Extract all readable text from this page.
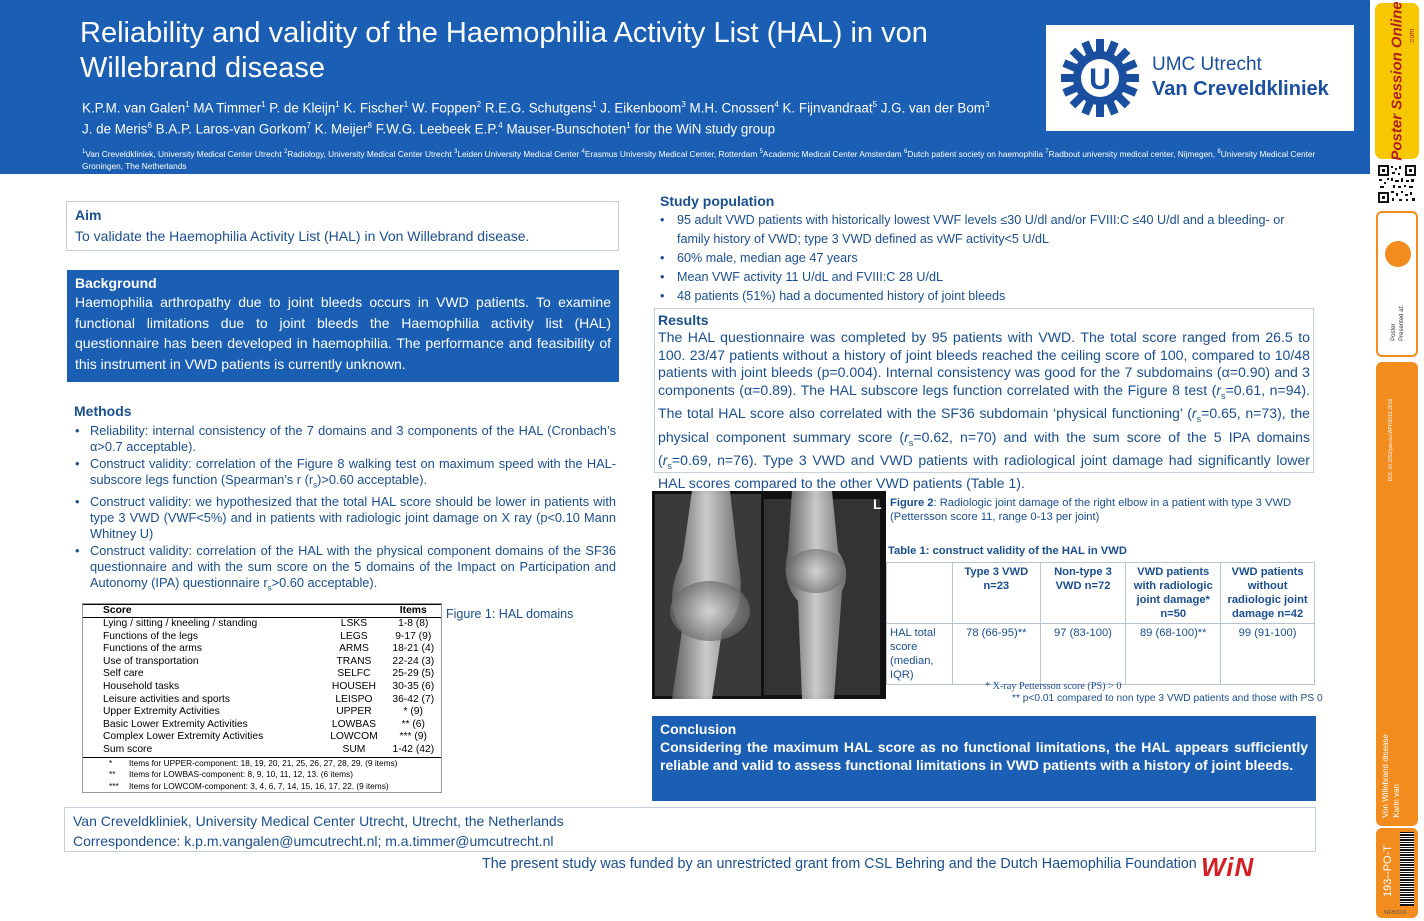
Reliability and validity of the Haemophilia Activity List (HAL) in von
Willebrand disease
K.P.M. van Galen$^1$ MA Timmer$^1$ P. de Kleijn$^1$ K. Fischer$^1$ W. Foppen$^2$ R.E.G. Schutgens$^1$ J. Eikenboom$^3$ M.H. Cnossen$^4$ K. Fijnvandraat$^5$ J.G. van der Bom$^3$
J. de Meris$^6$ B.A.P. Laros-van Gorkom$^7$ K. Meijer$^8$ F.W.G. Leebeek E.P.$^4$ Mauser-Bunschoten$^1$ for the WiN study group
$^1$Van Creveldkliniek, University Medical Center Utrecht $^2$Radiology, University Medical Center Utrecht $^3$Leiden University Medical Center $^4$Erasmus University Medical Center, Rotterdam $^5$Academic Medical Center Amsterdam $^6$Dutch patient society on haemophilia $^7$Radbout university medical center, Nijmegen, $^8$University Medical Center Groningen, The Netherlands
U UMC Utrecht
Van Creveldkliniek
.com
Poster Session Online
Poster Presented at:
DOI: 10.3252/pso.eu.WFH2016.2016
Von Willebrand disease Karin van
193--PO-T
WFH2016
Aim
To validate the Haemophilia Activity List (HAL) in Von Willebrand disease.
Background
Haemophilia arthropathy due to joint bleeds occurs in VWD patients. To examine functional limitations due to joint bleeds the Haemophilia activity list (HAL) questionnaire has been developed in haemophilia. The performance and feasibility of this instrument in VWD patients is currently unknown.
Methods
• Reliability: internal consistency of the 7 domains and 3 components of the HAL (Cronbach’s α>0.7 acceptable).
• Construct validity: correlation of the Figure 8 walking test on maximum speed with the HAL-subscore legs function (Spearman’s r $(r_s)>0.60$ acceptable).
• Construct validity: we hypothesized that the total HAL score should be lower in patients with type 3 VWD (VWF<5%) and in patients with radiologic joint damage on X ray (p<0.10 Mann Whitney U)
• Construct validity: correlation of the HAL with the physical component domains of the SF36 questionnaire and with the sum score on the 5 domains of the Impact on Participation and Autonomy (IPA) questionnaire $r_s>0.60$ acceptable).
Score		Items
Lying / sitting / kneeling / standing	LSKS	1-8 (8)
Functions of the legs	LEGS	9-17 (9)
Functions of the arms	ARMS	18-21 (4)
Use of transportation	TRANS	22-24 (3)
Self care	SELFC	25-29 (5)
Household tasks	HOUSEH	30-35 (6)
Leisure activities and sports	LEISPO	36-42 (7)
Upper Extremity Activities	UPPER	* (9)
Basic Lower Extremity Activities	LOWBAS	** (6)
Complex Lower Extremity Activities	LOWCOM	*** (9)
Sum score	SUM	1-42 (42)
* Items for UPPER-component: 18, 19, 20, 21, 25, 26, 27, 28, 29. (9 items)
** Items for LOWBAS-component: 8, 9, 10, 11, 12, 13. (6 items)
*** Items for LOWCOM-component: 3, 4, 6, 7, 14, 15, 16, 17, 22. (9 items)
Figure 1: HAL domains
Study population
• 95 adult VWD patients with historically lowest VWF levels ≤30 U/dl and/or FVIII:C ≤40 U/dl and a bleeding- or family history of VWD; type 3 VWD defined as vWF activity<5 U/dL
• 60% male, median age 47 years
• Mean VWF activity 11 U/dL and FVIII:C 28 U/dL
• 48 patients (51%) had a documented history of joint bleeds
Results
The HAL questionnaire was completed by 95 patients with VWD. The total score ranged from 26.5 to 100. 23/47 patients without a history of joint bleeds reached the ceiling score of 100, compared to 10/48 patients with joint bleeds (p=0.004). Internal consistency was good for the 7 subdomains (α=0.90) and 3 components (α=0.89). The HAL subscore legs function correlated with the Figure 8 test ($r_s=0.61$, n=94). The total HAL score also correlated with the SF36 subdomain ‘physical functioning’ ($r_s=0.65$, n=73), the physical component summary score ($r_s=0.62$, n=70) and with the sum score of the 5 IPA domains ($r_s=0.69$, n=76). Type 3 VWD and VWD patients with radiological joint damage had significantly lower HAL scores compared to the other VWD patients (Table 1).
L Figure 2: Radiologic joint damage of the right elbow in a patient with type 3 VWD (Pettersson score 11, range 0-13 per joint)
Table 1: construct validity of the HAL in VWD
	Type 3 VWD n=23	Non-type 3 VWD n=72	VWD patients with radiologic joint damage* n=50	VWD patients without radiologic joint damage n=42
HAL total score (median, IQR)	78 (66-95)**	97 (83-100)	89 (68-100)**	99 (91-100)
* X-ray Pettersson score (PS) > 0
** p<0.01 compared to non type 3 VWD patients and those with PS 0
Conclusion
Considering the maximum HAL score as no functional limitations, the HAL appears sufficiently reliable and valid to assess functional limitations in VWD patients with a history of joint bleeds.
Van Creveldkliniek, University Medical Center Utrecht, Utrecht, the Netherlands
Correspondence: k.p.m.vangalen@umcutrecht.nl; m.a.timmer@umcutrecht.nl
The present study was funded by an unrestricted grant from CSL Behring and the Dutch Haemophilia Foundation WiN
